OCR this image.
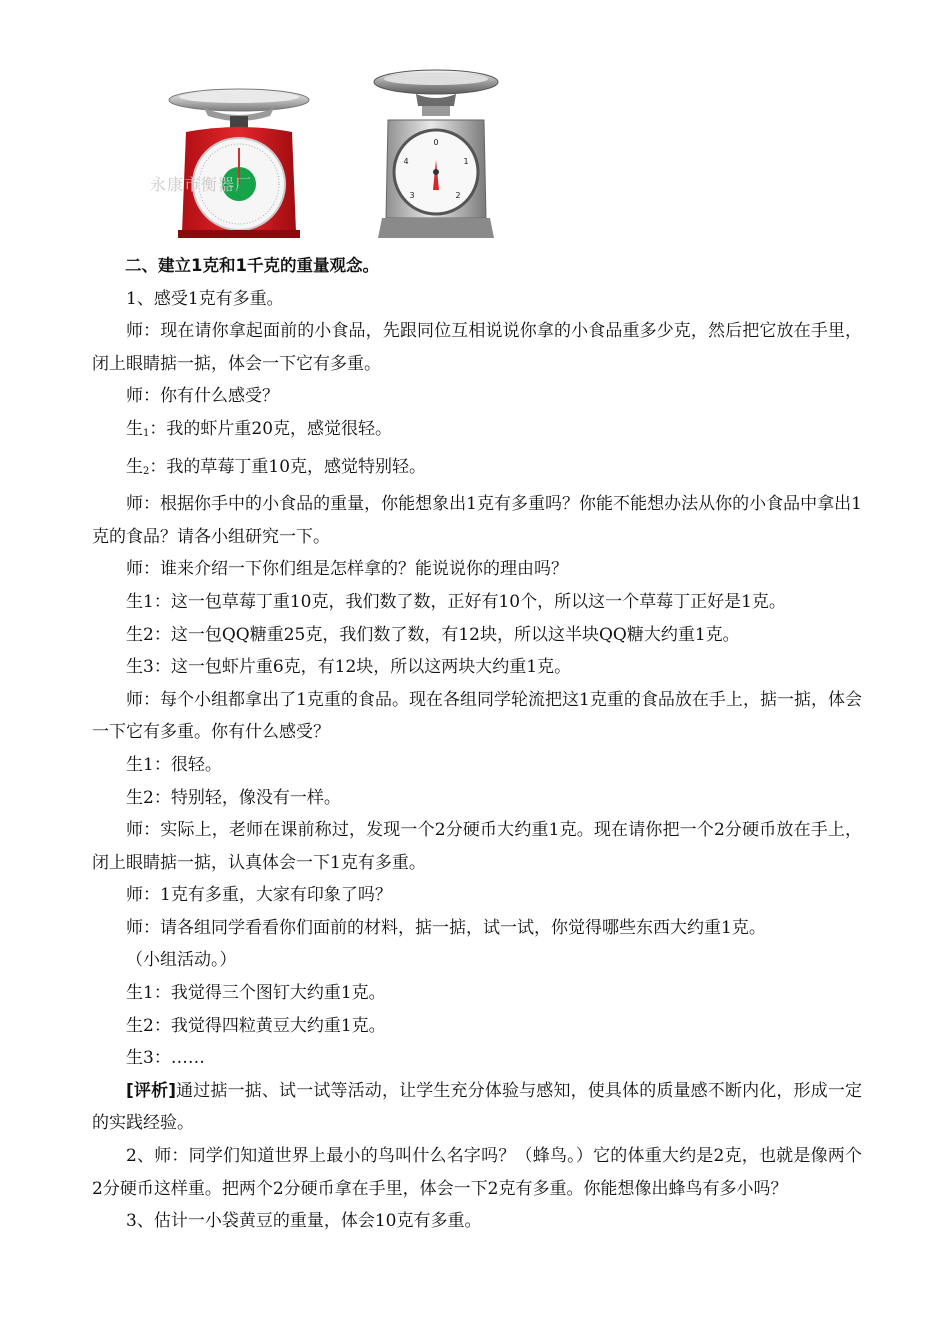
永康市衡器厂
0
1
2
3
4

二、建立1克和1千克的重量观念。

1、感受1克有多重。

师：现在请你拿起面前的小食品，先跟同位互相说说你拿的小食品重多少克，然后把它放在手里，闭上眼睛掂一掂，体会一下它有多重。

师：你有什么感受？

生$_1$：我的虾片重20克，感觉很轻。

生$_2$：我的草莓丁重10克，感觉特别轻。

师：根据你手中的小食品的重量，你能想象出1克有多重吗？你能不能想办法从你的小食品中拿出1克的食品？请各小组研究一下。

师：谁来介绍一下你们组是怎样拿的？能说说你的理由吗？

生1：这一包草莓丁重10克，我们数了数，正好有10个，所以这一个草莓丁正好是1克。

生2：这一包QQ糖重25克，我们数了数，有12块，所以这半块QQ糖大约重1克。

生3：这一包虾片重6克，有12块，所以这两块大约重1克。

师：每个小组都拿出了1克重的食品。现在各组同学轮流把这1克重的食品放在手上，掂一掂，体会一下它有多重。你有什么感受？

生1：很轻。

生2：特别轻，像没有一样。

师：实际上，老师在课前称过，发现一个2分硬币大约重1克。现在请你把一个2分硬币放在手上，闭上眼睛掂一掂，认真体会一下1克有多重。

师：1克有多重，大家有印象了吗？

师：请各组同学看看你们面前的材料，掂一掂，试一试，你觉得哪些东西大约重1克。

（小组活动。）

生1：我觉得三个图钉大约重1克。

生2：我觉得四粒黄豆大约重1克。

生3：……

[评析]通过掂一掂、试一试等活动，让学生充分体验与感知，使具体的质量感不断内化，形成一定的实践经验。

2、师：同学们知道世界上最小的鸟叫什么名字吗？（蜂鸟。）它的体重大约是2克，也就是像两个2分硬币这样重。把两个2分硬币拿在手里，体会一下2克有多重。你能想像出蜂鸟有多小吗？

3、估计一小袋黄豆的重量，体会10克有多重。
